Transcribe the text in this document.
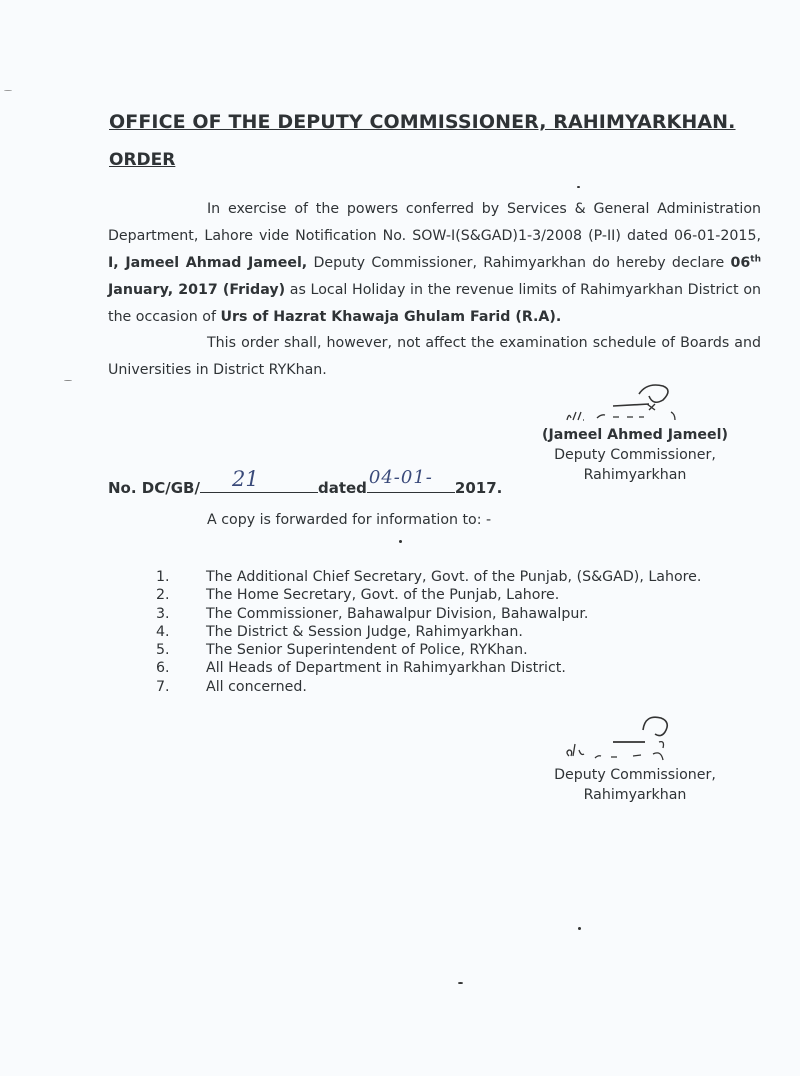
OFFICE OF THE DEPUTY COMMISSIONER, RAHIMYARKHAN.
ORDER

In exercise of the powers conferred by Services & General Administration Department, Lahore vide Notification No. SOW-I(S&GAD)1-3/2008 (P-II) dated 06-01-2015, I, Jameel Ahmad Jameel, Deputy Commissioner, Rahimyarkhan do hereby declare 06th January, 2017 (Friday) as Local Holiday in the revenue limits of Rahimyarkhan District on the occasion of Urs of Hazrat Khawaja Ghulam Farid (R.A).

This order shall, however, not affect the examination schedule of Boards and Universities in District RYKhan.

(Jameel Ahmed Jameel)
Deputy Commissioner,
Rahimyarkhan
No. DC/GB/ 21	dated 04-01- 2017.
A copy is forwarded for information to: -
1.	The Additional Chief Secretary, Govt. of the Punjab, (S&GAD), Lahore.
2.	The Home Secretary, Govt. of the Punjab, Lahore.
3.	The Commissioner, Bahawalpur Division, Bahawalpur.
4.	The District & Session Judge, Rahimyarkhan.
5.	The Senior Superintendent of Police, RYKhan.
6.	All Heads of Department in Rahimyarkhan District.
7.	All concerned.
Deputy Commissioner,
Rahimyarkhan
